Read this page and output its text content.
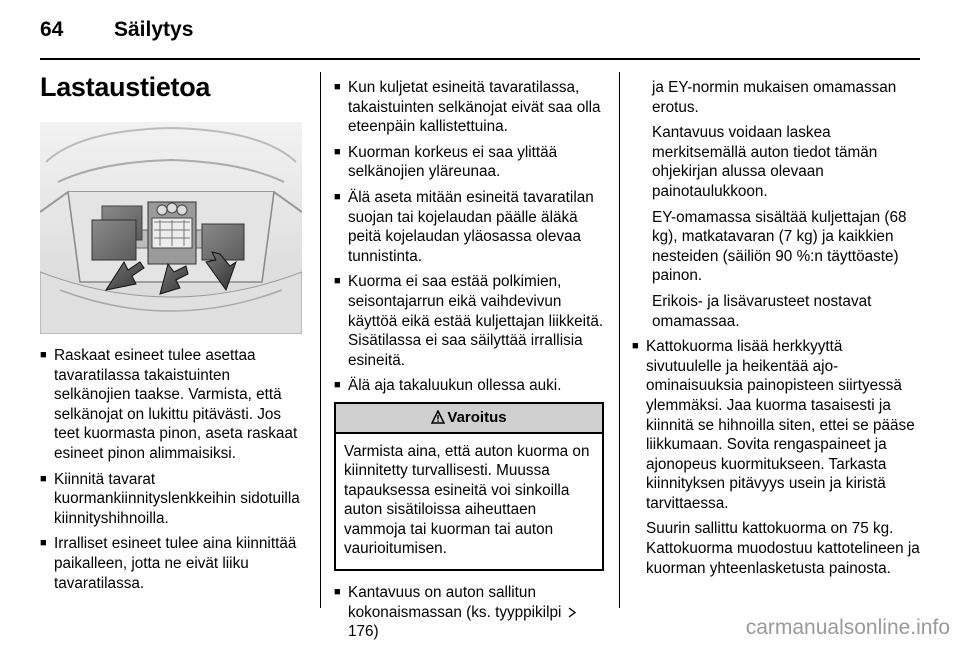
64 Säilytys
Lastaustietoa
■ Raskaat esineet tulee asettaa tavaratilassa takaistuinten selkänojien taakse. Varmista, että selkänojat on lukittu pitävästi. Jos teet kuormasta pinon, aseta raskaat esineet pinon alimmaisiksi.
■ Kiinnitä tavarat kuormankiinnityslenkkeihin sidotuilla kiinnityshihnoilla.
■ Irralliset esineet tulee aina kiinnittää paikalleen, jotta ne eivät liiku tavaratilassa.
■ Kun kuljetat esineitä tavaratilassa, takaistuinten selkänojat eivät saa olla eteenpäin kallistettuina.
■ Kuorman korkeus ei saa ylittää selkänojien yläreunaa.
■ Älä aseta mitään esineitä tavaratilan suojan tai kojelaudan päälle äläkä peitä kojelaudan yläosassa olevaa tunnistinta.
■ Kuorma ei saa estää polkimien, seisontajarrun eikä vaihdevivun käyttöä eikä estää kuljettajan liikkeitä. Sisätilassa ei saa säilyttää irrallisia esineitä.
■ Älä aja takaluukun ollessa auki.
Varoitus
Varmista aina, että auton kuorma on kiinnitetty turvallisesti. Muussa tapauksessa esineitä voi sinkoilla auton sisätiloissa aiheuttaen vammoja tai kuorman tai auton vaurioitumisen.
■ Kantavuus on auton sallitun kokonaismassan (ks. tyyppikilpi  176)

ja EY-normin mukaisen omamassan erotus.

Kantavuus voidaan laskea merkitsemällä auton tiedot tämän ohjekirjan alussa olevaan painotaulukkoon.

EY-omamassa sisältää kuljettajan (68 kg), matkatavaran (7 kg) ja kaikkien nesteiden (säiliön 90 %:n täyttöaste) painon.

Erikois- ja lisävarusteet nostavat omamassaa.

■ Kattokuorma lisää herkkyyttä sivutuulelle ja heikentää ajo-ominaisuuksia painopisteen siirtyessä ylemmäksi. Jaa kuorma tasaisesti ja kiinnitä se hihnoilla siten, ettei se pääse liikkumaan. Sovita rengaspaineet ja ajonopeus kuormitukseen. Tarkasta kiinnityksen pitävyys usein ja kiristä tarvittaessa.

Suurin sallittu kattokuorma on 75 kg. Kattokuorma muodostuu kattotelineen ja kuorman yhteenlasketusta painosta.

carmanualsonline.info
